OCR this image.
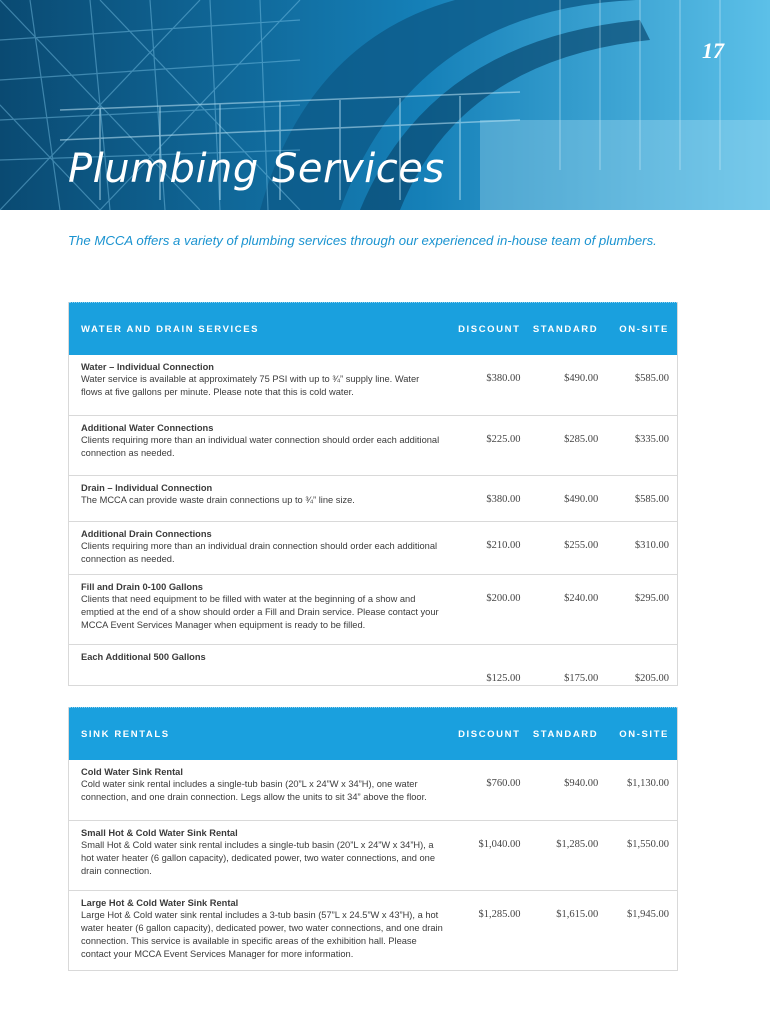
17
Plumbing Services
The MCCA offers a variety of plumbing services through our experienced in-house team of plumbers.
WATER AND DRAIN SERVICES	DISCOUNT	STANDARD	ON-SITE
Water – Individual Connection
Water service is available at approximately 75 PSI with up to ¾” supply line. Water flows at five gallons per minute. Please note that this is cold water.
$380.00	$490.00	$585.00
Additional Water Connections
Clients requiring more than an individual water connection should order each additional connection as needed.
$225.00	$285.00	$335.00
Drain – Individual Connection
The MCCA can provide waste drain connections up to ¾” line size.	$380.00	$490.00	$585.00
Additional Drain Connections
Clients requiring more than an individual drain connection should order each additional connection as needed.
$210.00	$255.00	$310.00
Fill and Drain 0-100 Gallons
Clients that need equipment to be filled with water at the beginning of a show and emptied at the end of a show should order a Fill and Drain service. Please contact your MCCA Event Services Manager when equipment is ready to be filled.
$200.00	$240.00	$295.00
Each Additional 500 Gallons
$125.00	$175.00	$205.00
SINK RENTALS	DISCOUNT	STANDARD	ON-SITE
Cold Water Sink Rental
Cold water sink rental includes a single-tub basin (20”L x 24”W x 34”H), one water connection, and one drain connection. Legs allow the units to sit 34” above the floor.
$760.00	$940.00	$1,130.00
Small Hot & Cold Water Sink Rental
Small Hot & Cold water sink rental includes a single-tub basin (20”L x 24”W x 34”H), a hot water heater (6 gallon capacity), dedicated power, two water connections, and one drain connection.
$1,040.00	$1,285.00	$1,550.00
Large Hot & Cold Water Sink Rental
Large Hot & Cold water sink rental includes a 3-tub basin (57”L x 24.5”W x 43”H), a hot water heater (6 gallon capacity), dedicated power, two water connections, and one drain connection. This service is available in specific areas of the exhibition hall. Please contact your MCCA Event Services Manager for more information.
$1,285.00	$1,615.00	$1,945.00
